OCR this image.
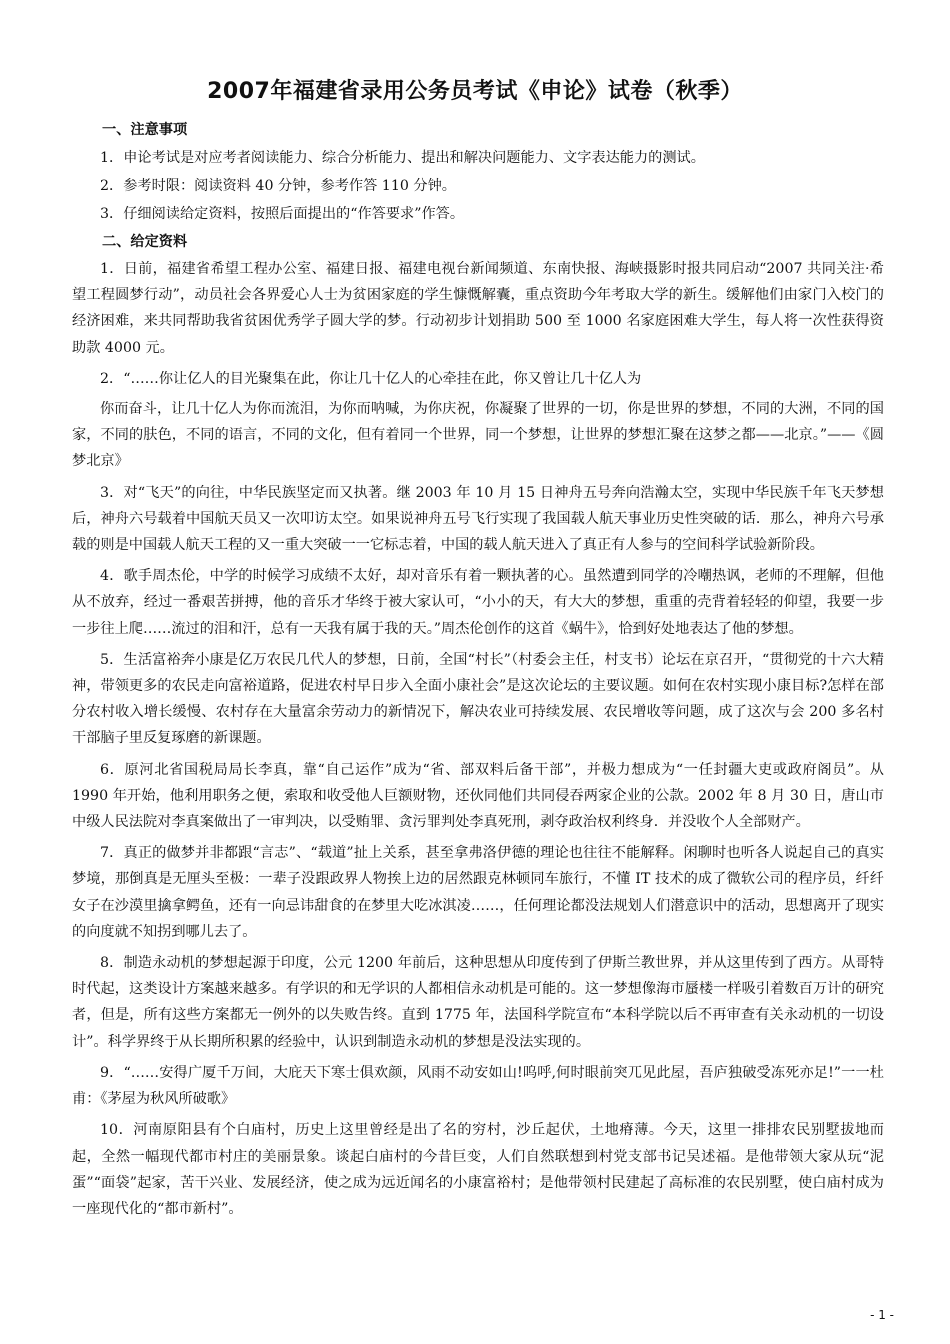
2007年福建省录用公务员考试《申论》试卷（秋季）
一、注意事项
1．申论考试是对应考者阅读能力、综合分析能力、提出和解决问题能力、文字表达能力的测试。
2．参考时限：阅读资料 40 分钟，参考作答 110 分钟。
3．仔细阅读给定资料，按照后面提出的“作答要求”作答。
二、给定资料
1．日前，福建省希望工程办公室、福建日报、福建电视台新闻频道、东南快报、海峡摄影时报共同启动“2007 共同关注·希望工程圆梦行动”，动员社会各界爱心人士为贫困家庭的学生慷慨解囊，重点资助今年考取大学的新生。缓解他们由家门入校门的经济困难，来共同帮助我省贫困优秀学子圆大学的梦。行动初步计划捐助 500 至 1000 名家庭困难大学生，每人将一次性获得资助款 4000 元。
2．“……你让亿人的目光聚集在此，你让几十亿人的心牵挂在此，你又曾让几十亿人为
你而奋斗，让几十亿人为你而流泪，为你而呐喊，为你庆祝，你凝聚了世界的一切，你是世界的梦想，不同的大洲，不同的国家，不同的肤色，不同的语言，不同的文化，但有着同一个世界，同一个梦想，让世界的梦想汇聚在这梦之都——北京。”——《圆梦北京》
3．对“飞天”的向往，中华民族坚定而又执著。继 2003 年 10 月 15 日神舟五号奔向浩瀚太空，实现中华民族千年飞天梦想后，神舟六号载着中国航天员又一次叩访太空。如果说神舟五号飞行实现了我国载人航天事业历史性突破的话．那么，神舟六号承载的则是中国载人航天工程的又一重大突破一一它标志着，中国的载人航天进入了真正有人参与的空间科学试验新阶段。
4．歌手周杰伦，中学的时候学习成绩不太好，却对音乐有着一颗执著的心。虽然遭到同学的冷嘲热讽，老师的不理解，但他从不放弃，经过一番艰苦拼搏，他的音乐才华终于被大家认可，“小小的天，有大大的梦想，重重的壳背着轻轻的仰望，我要一步一步往上爬……流过的泪和汗，总有一天我有属于我的天。”周杰伦创作的这首《蜗牛》，恰到好处地表达了他的梦想。
5．生活富裕奔小康是亿万农民几代人的梦想，日前，全国“村长”（村委会主任，村支书）论坛在京召开，“贯彻党的十六大精神，带领更多的农民走向富裕道路，促进农村早日步入全面小康社会”是这次论坛的主要议题。如何在农村实现小康目标?怎样在部分农村收入增长缓慢、农村存在大量富余劳动力的新情况下，解决农业可持续发展、农民增收等问题，成了这次与会 200 多名村干部脑子里反复琢磨的新课题。
6．原河北省国税局局长李真，靠“自己运作”成为“省、部双料后备干部”，并极力想成为“一任封疆大吏或政府阁员”。从 1990 年开始，他利用职务之便，索取和收受他人巨额财物，还伙同他们共同侵吞两家企业的公款。2002 年 8 月 30 日，唐山市中级人民法院对李真案做出了一审判决，以受贿罪、贪污罪判处李真死刑，剥夺政治权利终身．并没收个人全部财产。
7．真正的做梦并非都跟“言志”、“载道”扯上关系，甚至拿弗洛伊德的理论也往往不能解释。闲聊时也听各人说起自己的真实梦境，那倒真是无厘头至极：一辈子没跟政界人物挨上边的居然跟克林顿同车旅行，不懂 IT 技术的成了微软公司的程序员，纤纤女子在沙漠里擒拿鳄鱼，还有一向忌讳甜食的在梦里大吃冰淇凌……，任何理论都没法规划人们潜意识中的活动，思想离开了现实的向度就不知拐到哪儿去了。
8．制造永动机的梦想起源于印度，公元 1200 年前后，这种思想从印度传到了伊斯兰教世界，并从这里传到了西方。从哥特时代起，这类设计方案越来越多。有学识的和无学识的人都相信永动机是可能的。这一梦想像海市蜃楼一样吸引着数百万计的研究者，但是，所有这些方案都无一例外的以失败告终。直到 1775 年，法国科学院宣布“本科学院以后不再审查有关永动机的一切设计”。科学界终于从长期所积累的经验中，认识到制造永动机的梦想是没法实现的。
9．“……安得广厦千万间，大庇天下寒士俱欢颜，风雨不动安如山!呜呼,何时眼前突兀见此屋，吾庐独破受冻死亦足!”一一杜甫：《茅屋为秋风所破歌》
10．河南原阳县有个白庙村，历史上这里曾经是出了名的穷村，沙丘起伏，土地瘠薄。今天，这里一排排农民别墅拔地而起，全然一幅现代都市村庄的美丽景象。谈起白庙村的今昔巨变，人们自然联想到村党支部书记吴述福。是他带领大家从玩“泥蛋”“面袋”起家，苦干兴业、发展经济，使之成为远近闻名的小康富裕村；是他带领村民建起了高标准的农民别墅，使白庙村成为一座现代化的“都市新村”。
- 1 -
